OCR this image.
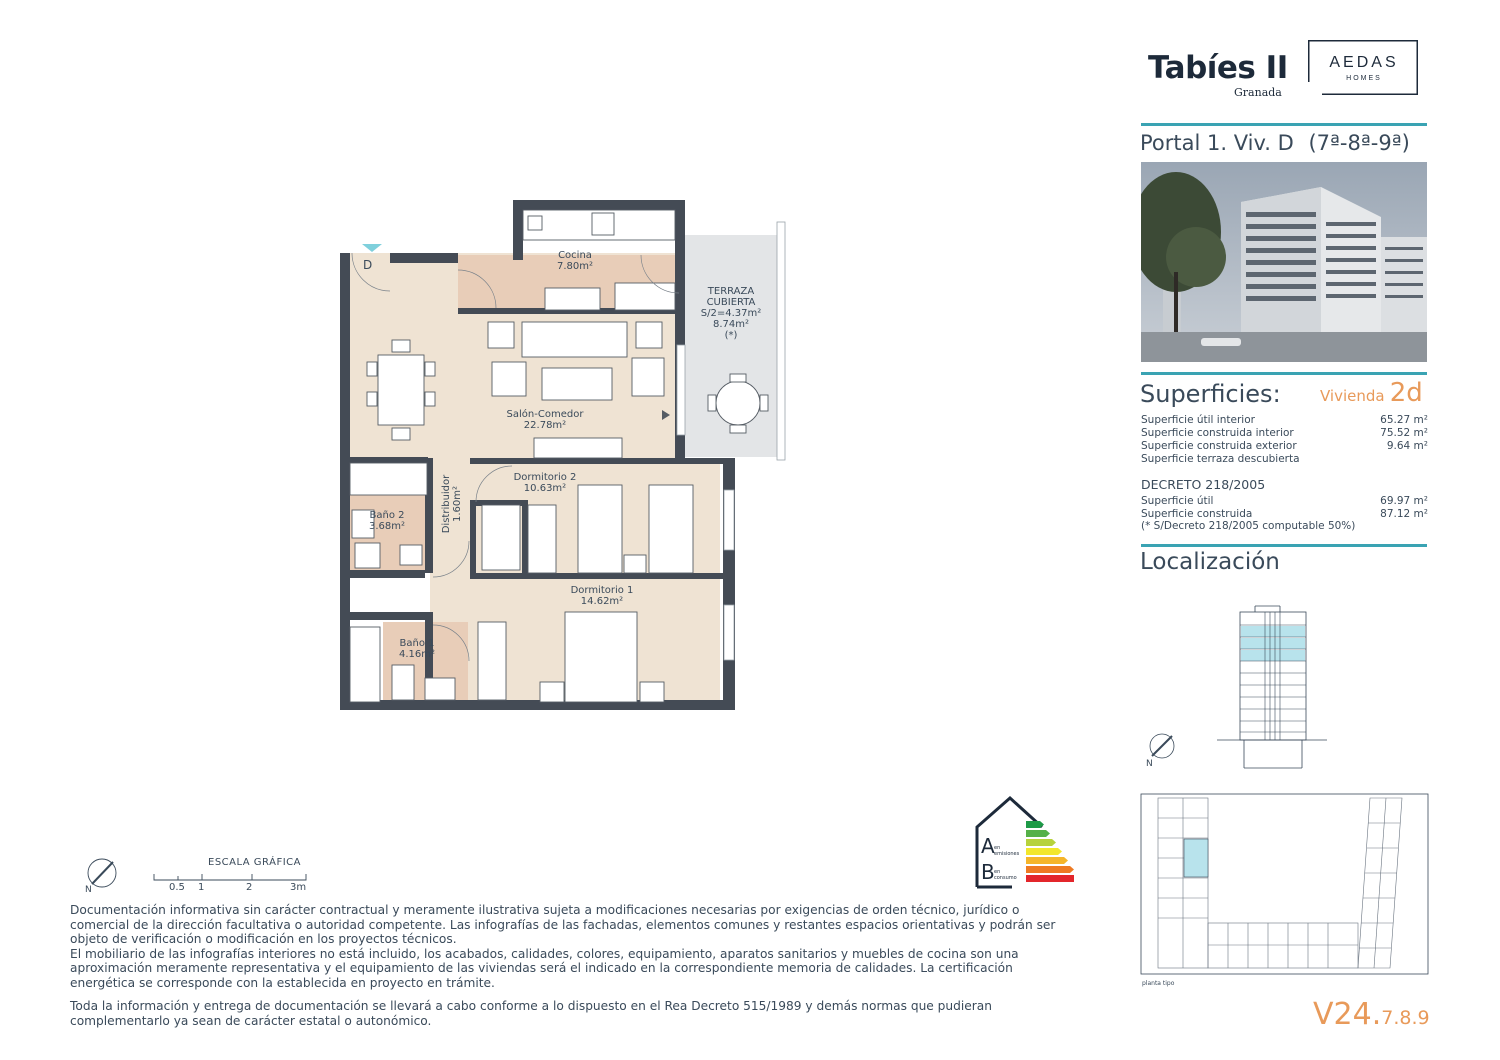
Tabíes II
Granada
AEDAS
HOMES
Portal 1. Viv. D (7ª-8ª-9ª)
Superficies:	Vivienda 2d
Superficie útil interior	65.27 m²
Superficie construida interior	75.52 m²
Superficie construida exterior	9.64 m²
Superficie terraza descubierta
DECRETO 218/2005
Superficie útil	69.97 m²
Superficie construida	87.12 m²
(* S/Decreto 218/2005 computable 50%)
Localización
N
planta tipo
D
Cocina
7.80m²
Salón-Comedor
22.78m²
Dormitorio 2
10.63m²
Dormitorio 1
14.62m²
Baño 2
3.68m²
Baño 1
4.16m²
Distribuidor 1.60m²
TERRAZA
CUBIERTA
S/2=4.37m²
8.74m²
(*)
N
ESCALA GRÁFICA
0.5 1	2	3m
A en
emisiones
B en
consumo
Documentación informativa sin carácter contractual y meramente ilustrativa sujeta a modificaciones necesarias por exigencias de orden técnico, jurídico o comercial de la dirección facultativa o autoridad competente. Las infografías de las fachadas, elementos comunes y restantes espacios orientativas y podrán ser objeto de verificación o modificación en los proyectos técnicos.
El mobiliario de las infografías interiores no está incluido, los acabados, calidades, colores, equipamiento, aparatos sanitarios y muebles de cocina son una aproximación meramente representativa y el equipamiento de las viviendas será el indicado en la correspondiente memoria de calidades. La certificación energética se corresponde con la establecida en proyecto en trámite.
Toda la información y entrega de documentación se llevará a cabo conforme a lo dispuesto en el Rea Decreto 515/1989 y demás normas que pudieran complementarlo ya sean de carácter estatal o autonómico.	V24.7.8.9
